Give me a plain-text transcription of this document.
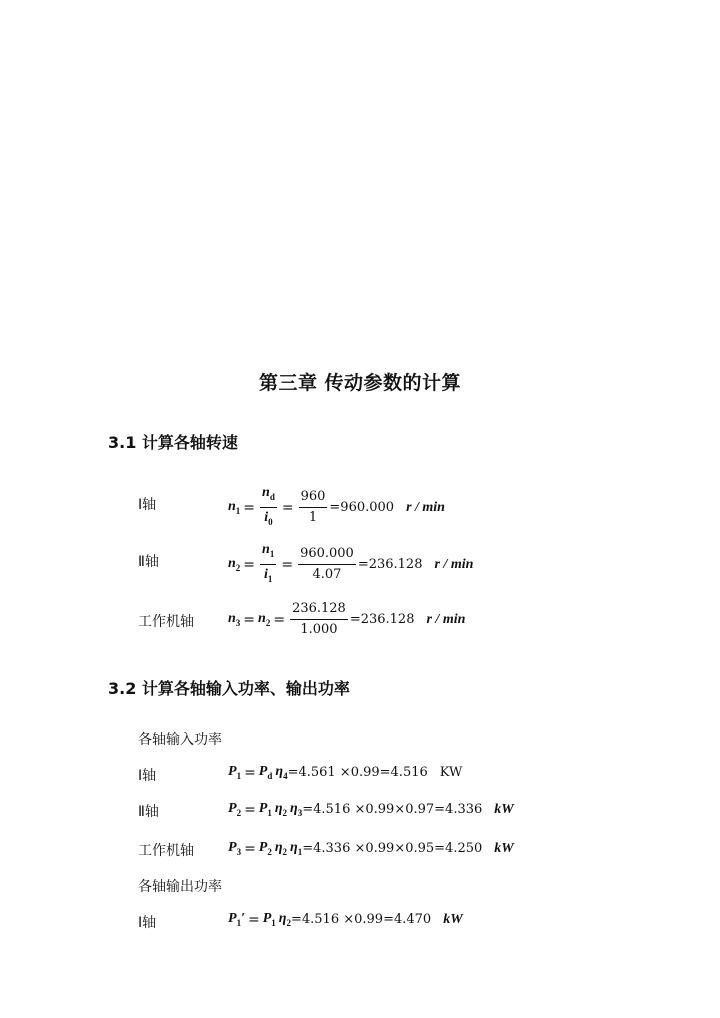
第三章 传动参数的计算
3.1 计算各轴转速
Ⅰ轴	$n_1 = \frac{n_d}{i_0} = \frac{960}{1} =960.000$ r / min
Ⅱ轴	$n_2 = \frac{n_1}{i_1} = \frac{960.000}{4.07} =236.128$ r / min
工作机轴 $n_3 = n_2 = \frac{236.128}{1.000} =236.128$ r / min
3.2 计算各轴输入功率、输出功率
各轴输入功率
Ⅰ轴	$P_1 = P_d$ $\eta_4 =4.561 \times 0.99=4.516$ KW
Ⅱ轴	$P_2 = P_1$ $\eta_2$ $\eta_3 =4.516 \times 0.99\times 0.97=4.336$ kW
工作机轴 $P_3 = P_2$ $\eta_2$ $\eta_1 =4.336 \times 0.99\times 0.95=4.250$ kW
各轴输出功率
Ⅰ轴	$P_1' = P_1$ $\eta_2 =4.516 \times 0.99=4.470$ kW
